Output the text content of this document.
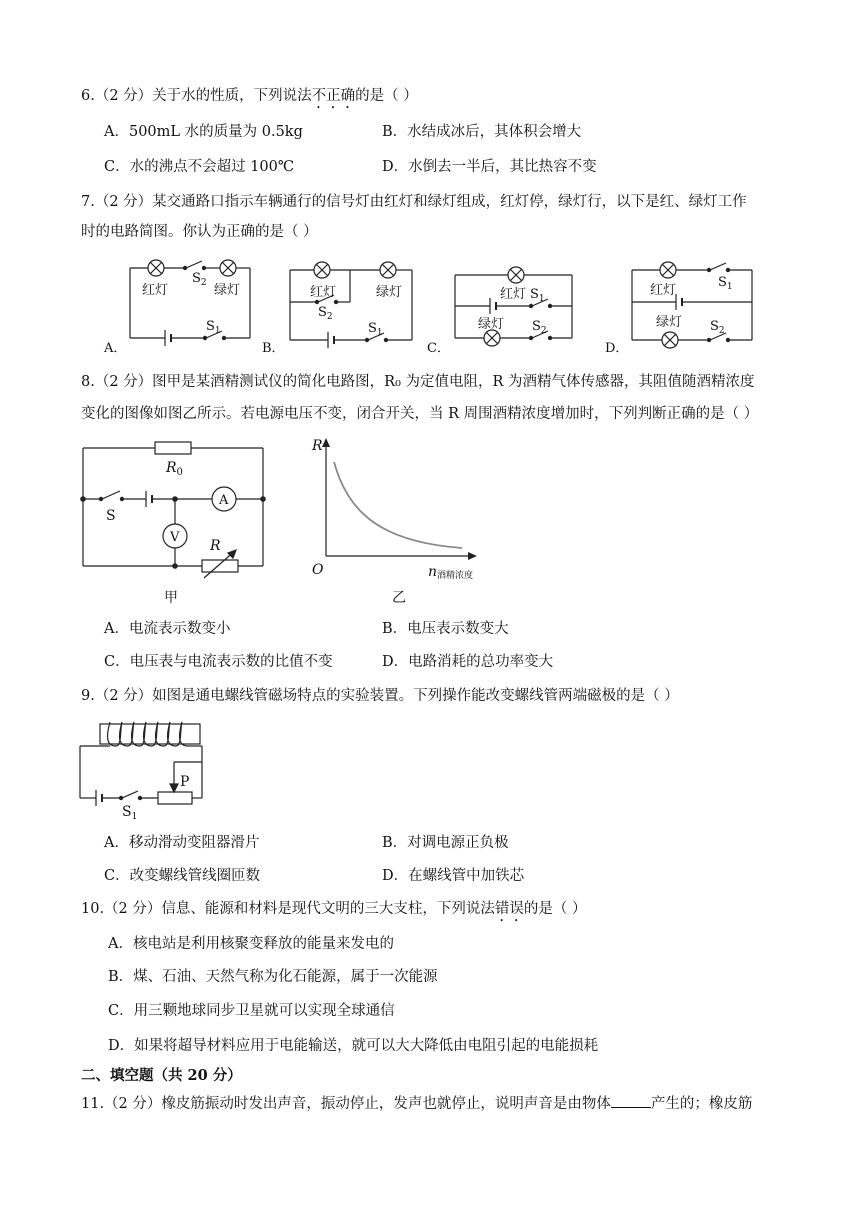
6.（2 分）关于水的性质，下列说法不正确的是（ ）
A．500mL 水的质量为 0.5kg	B．水结成冰后，其体积会增大
C．水的沸点不会超过 100℃	D．水倒去一半后，其比热容不变
7.（2 分）某交通路口指示车辆通行的信号灯由红灯和绿灯组成，红灯停，绿灯行，以下是红、绿灯工作
时的电路简图。你认为正确的是（ ）
红灯
$S_2$ 绿灯
$S_1$
A．
红灯	绿灯
$S_2$
$S_1$
B．
红灯 $S_1$
绿灯 $S_2$
C．
红灯
$S_1$
绿灯 $S_2$
D．
8.（2 分）图甲是某酒精测试仪的简化电路图，R₀ 为定值电阻，R 为酒精气体传感器，其阻值随酒精浓度
变化的图像如图乙所示。若电源电压不变，闭合开关，当 R 周围酒精浓度增加时，下列判断正确的是（ ）
$R_0$
S
A
V
R
甲
R
O	n酒精浓度
乙
A．电流表示数变小	B．电压表示数变大
C．电压表与电流表示数的比值不变	D．电路消耗的总功率变大
9.（2 分）如图是通电螺线管磁场特点的实验装置。下列操作能改变螺线管两端磁极的是（ ）
P
$S_1$
A．移动滑动变阻器滑片	B．对调电源正负极
C．改变螺线管线圈匝数	D．在螺线管中加铁芯
10.（2 分）信息、能源和材料是现代文明的三大支柱，下列说法错误的是（ ）
A．核电站是利用核聚变释放的能量来发电的
B．煤、石油、天然气称为化石能源，属于一次能源
C．用三颗地球同步卫星就可以实现全球通信
D．如果将超导材料应用于电能输送，就可以大大降低由电阻引起的电能损耗
二、填空题（共 20 分）
11.（2 分）橡皮筋振动时发出声音，振动停止，发声也就停止，说明声音是由物体	产生的；橡皮筋
